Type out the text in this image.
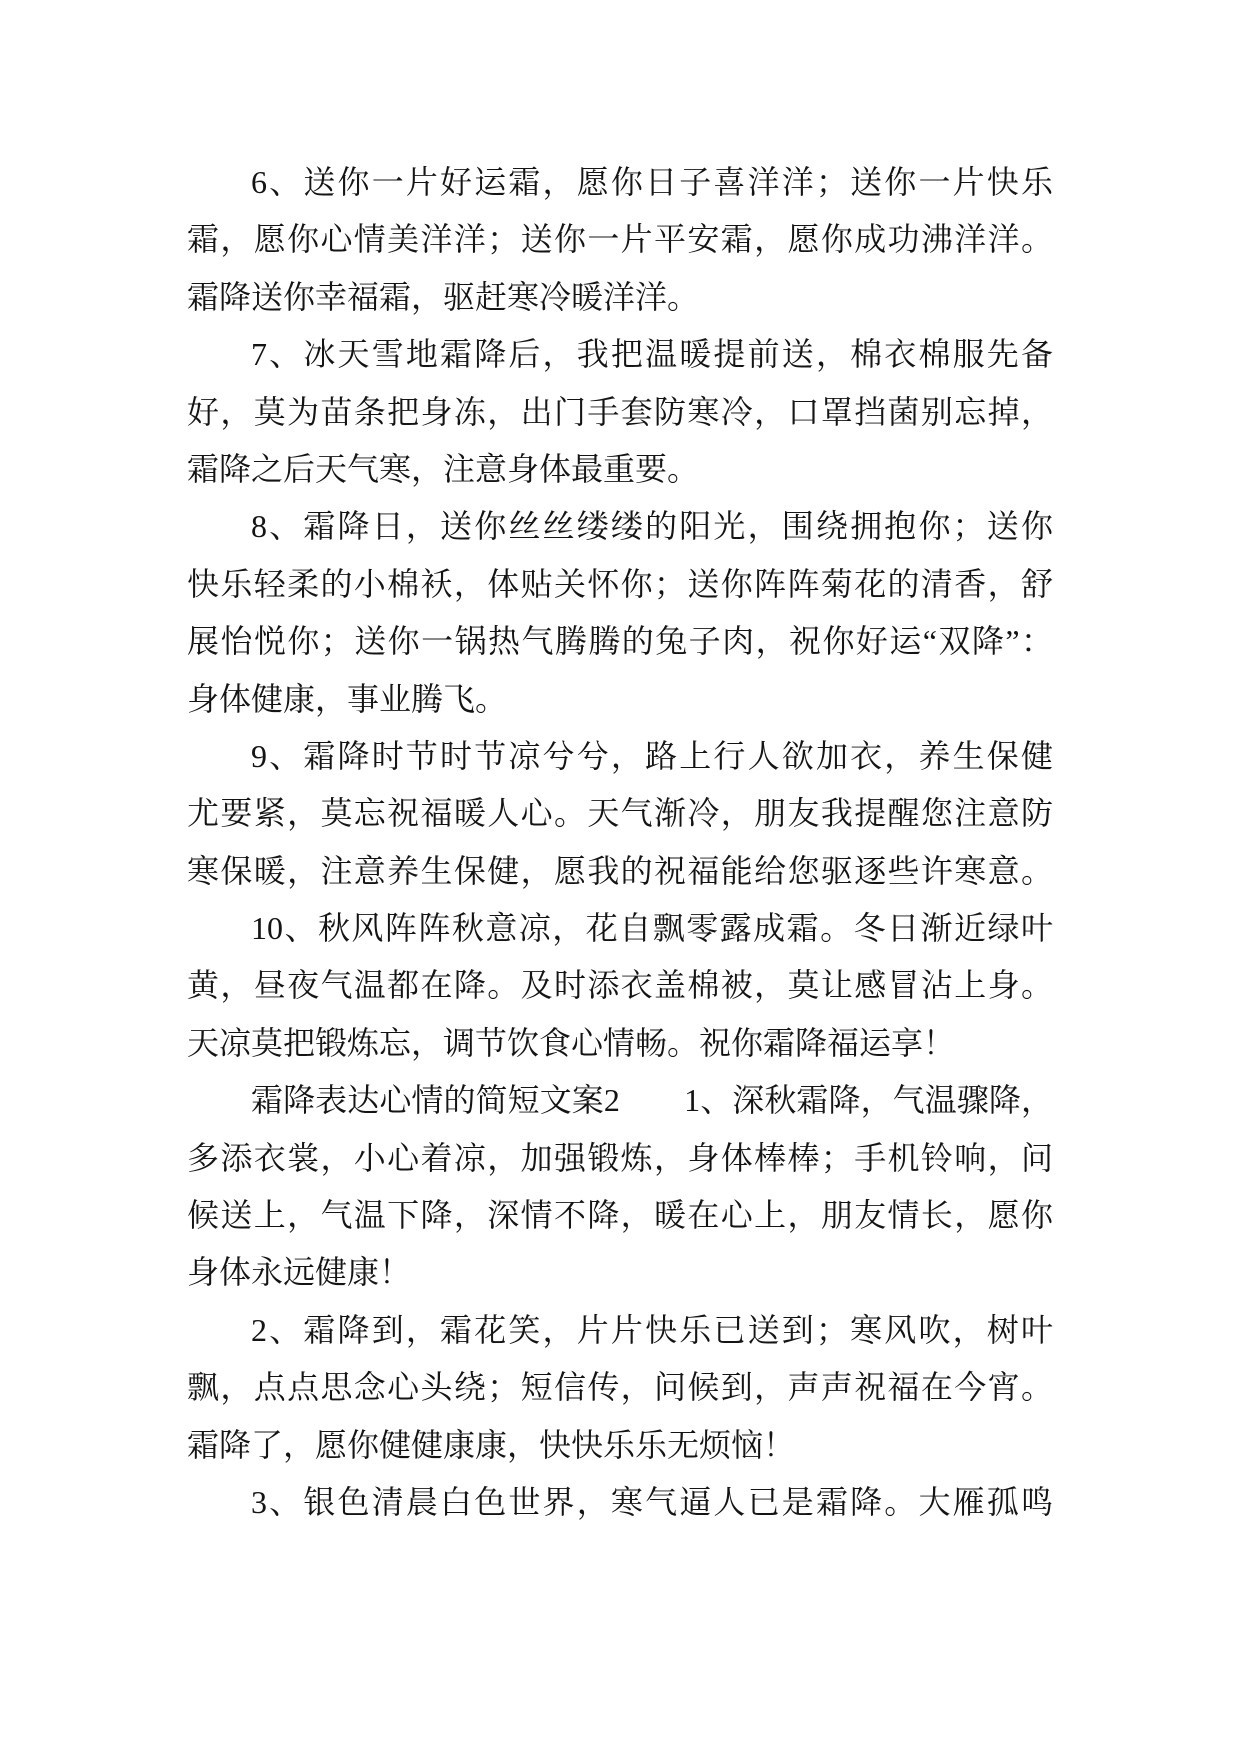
6、送你一片好运霜，愿你日子喜洋洋；送你一片快乐
霜，愿你心情美洋洋；送你一片平安霜，愿你成功沸洋洋。
霜降送你幸福霜，驱赶寒冷暖洋洋。
7、冰天雪地霜降后，我把温暖提前送，棉衣棉服先备
好，莫为苗条把身冻，出门手套防寒冷，口罩挡菌别忘掉，
霜降之后天气寒，注意身体最重要。
8、霜降日，送你丝丝缕缕的阳光，围绕拥抱你；送你
快乐轻柔的小棉袄，体贴关怀你；送你阵阵菊花的清香，舒
展怡悦你；送你一锅热气腾腾的兔子肉，祝你好运“双降”：
身体健康，事业腾飞。
9、霜降时节时节凉兮兮，路上行人欲加衣，养生保健
尤要紧，莫忘祝福暖人心。天气渐冷，朋友我提醒您注意防
寒保暖，注意养生保健，愿我的祝福能给您驱逐些许寒意。
10、秋风阵阵秋意凉，花自飘零露成霜。冬日渐近绿叶
黄，昼夜气温都在降。及时添衣盖棉被，莫让感冒沾上身。
天凉莫把锻炼忘，调节饮食心情畅。祝你霜降福运享！
霜降表达心情的简短文案2　　1、深秋霜降，气温骤降，
多添衣裳，小心着凉，加强锻炼，身体棒棒；手机铃响，问
候送上，气温下降，深情不降，暖在心上，朋友情长，愿你
身体永远健康！
2、霜降到，霜花笑，片片快乐已送到；寒风吹，树叶
飘，点点思念心头绕；短信传，问候到，声声祝福在今宵。
霜降了，愿你健健康康，快快乐乐无烦恼！
3、银色清晨白色世界，寒气逼人已是霜降。大雁孤鸣
